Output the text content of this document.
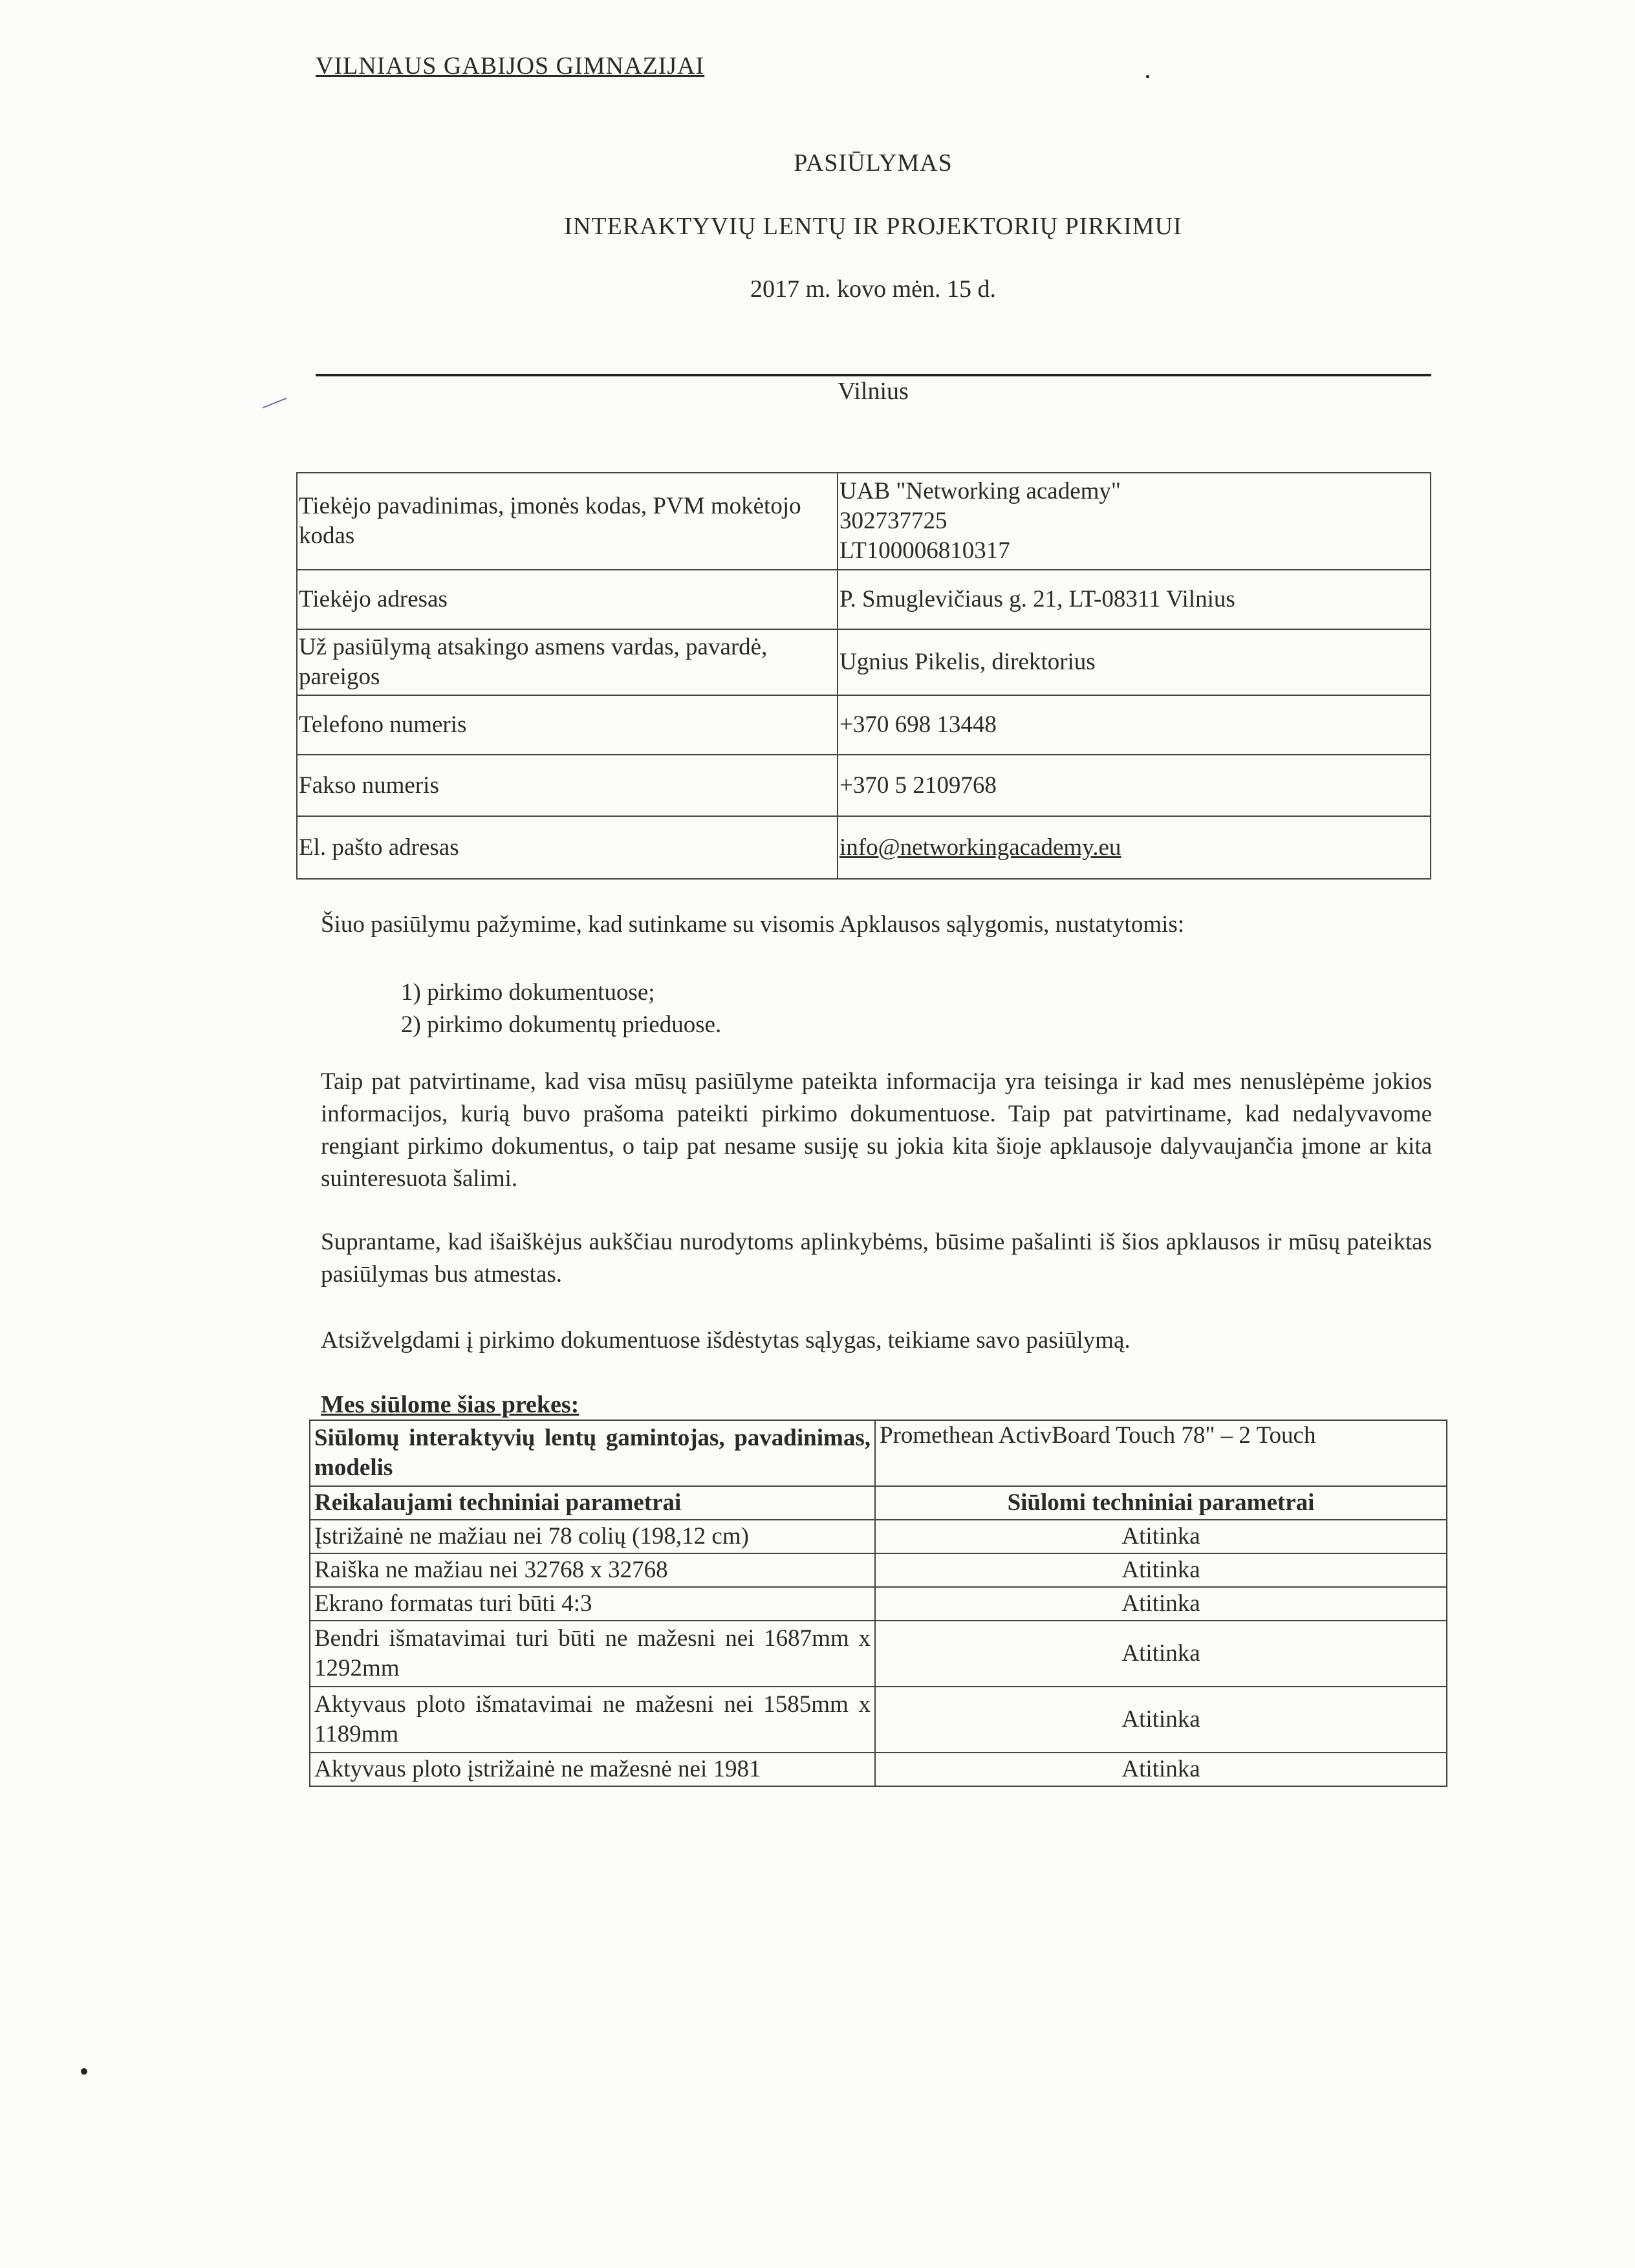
VILNIAUS GABIJOS GIMNAZIJAI
PASIŪLYMAS
INTERAKTYVIŲ LENTŲ IR PROJEKTORIŲ PIRKIMUI
2017 m. kovo mėn. 15 d.
Vilnius
Tiekėjo pavadinimas, įmonės kodas, PVM mokėtojo kodas	UAB "Networking academy"
302737725
LT100006810317

Tiekėjo adresas	P. Smuglevičiaus g. 21, LT-08311 Vilnius
Už pasiūlymą atsakingo asmens vardas, pavardė, pareigos	Ugnius Pikelis, direktorius
Telefono numeris	+370 698 13448
Fakso numeris	+370 5 2109768
El. pašto adresas	info@networkingacademy.eu
Šiuo pasiūlymu pažymime, kad sutinkame su visomis Apklausos sąlygomis, nustatytomis:
1) pirkimo dokumentuose;
2) pirkimo dokumentų prieduose.
Taip pat patvirtiname, kad visa mūsų pasiūlyme pateikta informacija yra teisinga ir kad mes nenuslėpėme jokios informacijos, kurią buvo prašoma pateikti pirkimo dokumentuose. Taip pat patvirtiname, kad nedalyvavome rengiant pirkimo dokumentus, o taip pat nesame susiję su jokia kita šioje apklausoje dalyvaujančia įmone ar kita suinteresuota šalimi.
Suprantame, kad išaiškėjus aukščiau nurodytoms aplinkybėms, būsime pašalinti iš šios apklausos ir mūsų pateiktas pasiūlymas bus atmestas.
Atsižvelgdami į pirkimo dokumentuose išdėstytas sąlygas, teikiame savo pasiūlymą.
Mes siūlome šias prekes:
Siūlomų interaktyvių lentų gamintojas, pavadinimas, modelis	Promethean ActivBoard Touch 78" – 2 Touch
Reikalaujami techniniai parametrai	Siūlomi techniniai parametrai
Įstrižainė ne mažiau nei 78 colių (198,12 cm)	Atitinka
Raiška ne mažiau nei 32768 x 32768	Atitinka
Ekrano formatas turi būti 4:3	Atitinka
Bendri išmatavimai turi būti ne mažesni nei 1687mm x 1292mm	Atitinka
Aktyvaus ploto išmatavimai ne mažesni nei 1585mm x 1189mm	Atitinka
Aktyvaus ploto įstrižainė ne mažesnė nei 1981	Atitinka
